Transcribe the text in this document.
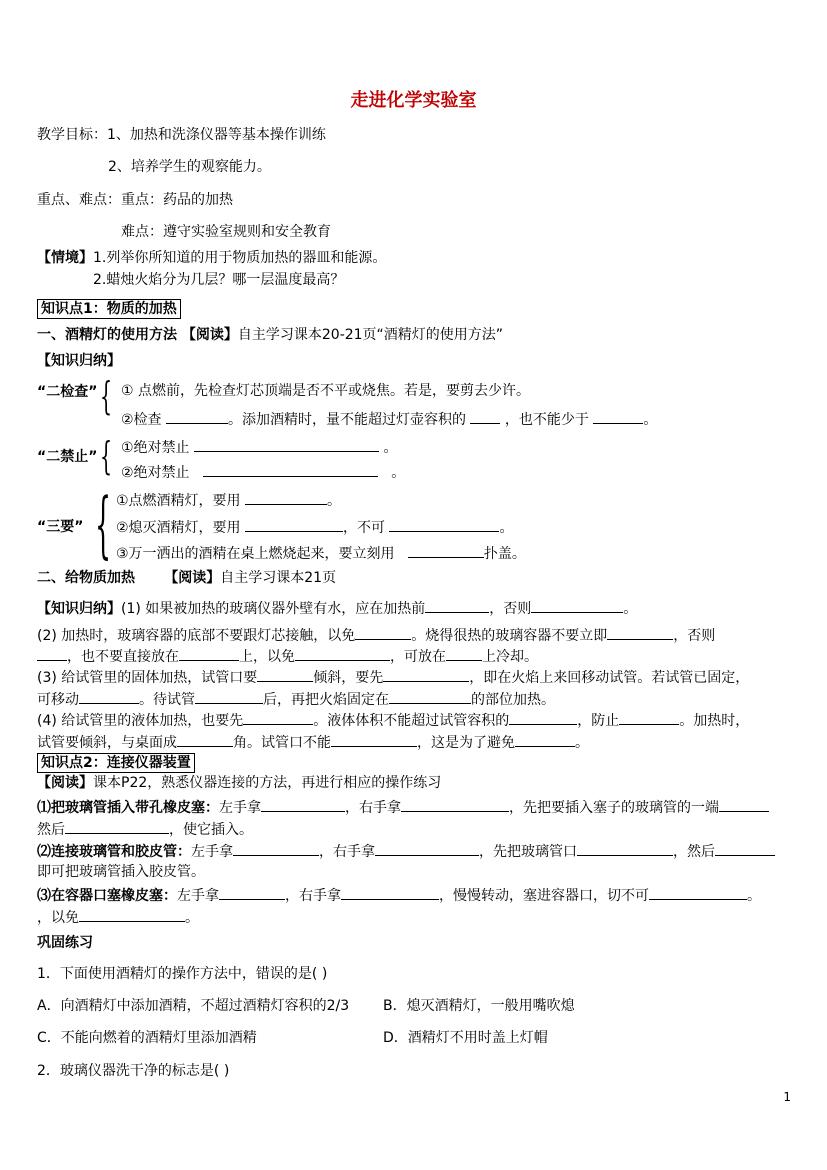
走进化学实验室
教学目标：1、加热和洗涤仪器等基本操作训练
2、培养学生的观察能力。
重点、难点：重点：药品的加热
难点：遵守实验室规则和安全教育
【情境】1.列举你所知道的用于物质加热的器皿和能源。
2.蜡烛火焰分为几层？哪一层温度最高？
知识点1：物质的加热
一、酒精灯的使用方法 【阅读】自主学习课本20-21页“酒精灯的使用方法”
【知识归纳】
“二检查” { ① 点燃前，先检查灯芯顶端是否不平或烧焦。若是，要剪去少许。
②检查	。添加酒精时，量不能超过灯壶容积的	，也不能少于	。
“二禁止” { ①绝对禁止	。
②绝对禁止	。
“三要” { ①点燃酒精灯，要用	。
②熄灭酒精灯，要用	，不可	。
③万一洒出的酒精在桌上燃烧起来，要立刻用	扑盖。
二、给物质加热 【阅读】自主学习课本21页
【知识归纳】(1) 如果被加热的玻璃仪器外壁有水，应在加热前	，否则	。
(2) 加热时，玻璃容器的底部不要跟灯芯接触，以免	。烧得很热的玻璃容器不要立即	，否则
，也不要直接放在	上，以免	，可放在	上冷却。
(3) 给试管里的固体加热，试管口要	倾斜，要先	，即在火焰上来回移动试管。若试管已固定，
可移动	。待试管	后，再把火焰固定在	的部位加热。
(4) 给试管里的液体加热，也要先	。液体体积不能超过试管容积的	，防止	。加热时，
试管要倾斜，与桌面成	角。试管口不能	，这是为了避免	。
知识点2：连接仪器装置
【阅读】课本P22，熟悉仪器连接的方法，再进行相应的操作练习
⑴把玻璃管插入带孔橡皮塞：左手拿	，右手拿	，先把要插入塞子的玻璃管的一端
然后	，使它插入。
⑵连接玻璃管和胶皮管：左手拿	，右手拿	，先把玻璃管口	，然后
即可把玻璃管插入胶皮管。
⑶在容器口塞橡皮塞：左手拿	，右手拿	，慢慢转动，塞进容器口，切不可	。
，以免	。
巩固练习
1．下面使用酒精灯的操作方法中，错误的是( )
A．向酒精灯中添加酒精，不超过酒精灯容积的2/3 B．熄灭酒精灯，一般用嘴吹熄
C．不能向燃着的酒精灯里添加酒精	D．酒精灯不用时盖上灯帽
2．玻璃仪器洗干净的标志是( )
1
